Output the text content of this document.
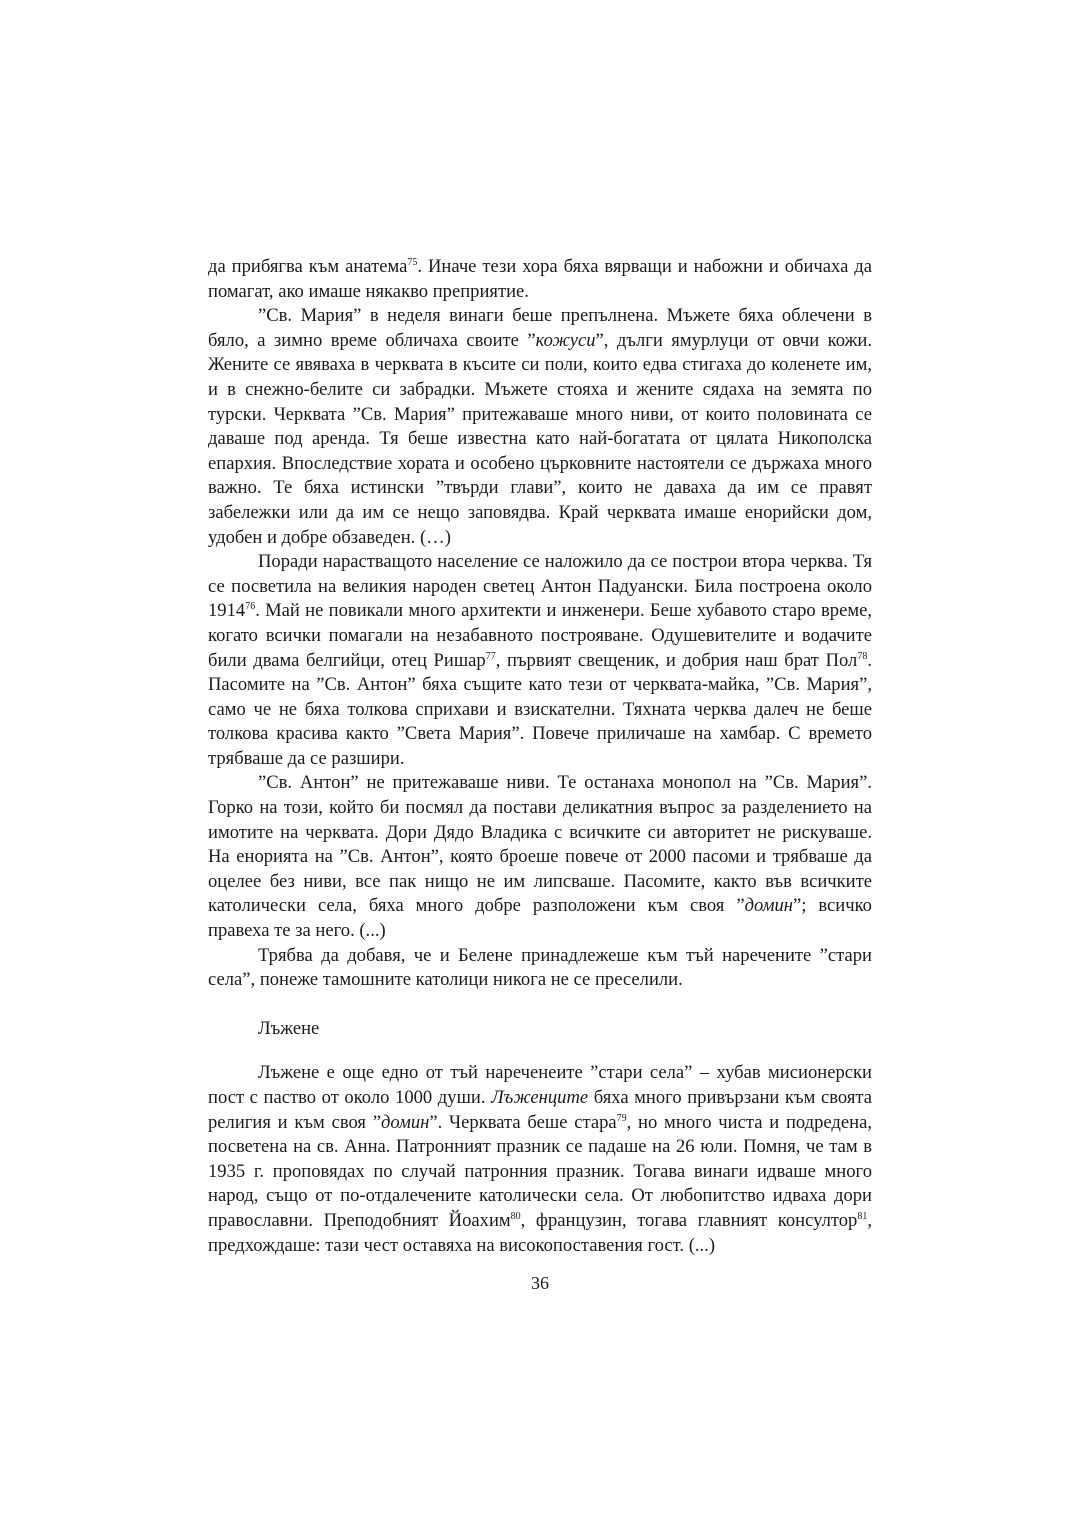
да прибягва към анатема$^{75}$. Иначе тези хора бяха вярващи и набожни и обичаха да помагат, ако имаше някакво преприятие.

”Св. Мария” в неделя винаги беше препълнена. Мъжете бяха облечени в бяло, а зимно време обличаха своите ”кожуси”, дълги ямурлуци от овчи кожи. Жените се явяваха в черквата в късите си поли, които едва стигаха до коленете им, и в снежно-белите си забрадки. Мъжете стояха и жените сядаха на земята по турски. Черквата ”Св. Мария” притежаваше много ниви, от които половината се даваше под аренда. Тя беше известна като най-богатата от цялата Никополска епархия. Впоследствие хората и особено църковните настоятели се държаха много важно. Те бяха истински ”твърди глави”, които не даваха да им се правят забележки или да им се нещо заповядва. Край черквата имаше енорийски дом, удобен и добре обзаведен. (…)

Поради нарастващото население се наложило да се построи втора черква. Тя се посветила на великия народен светец Антон Падуански. Била построена около 1914$^{76}$. Май не повикали много архитекти и инженери. Беше хубавото старо време, когато всички помагали на незабавното построяване. Одушевителите и водачите били двама белгийци, отец Ришар$^{77}$, първият свещеник, и добрия наш брат Пол$^{78}$. Пасомите на ”Св. Антон” бяха същите като тези от черквата-майка, ”Св. Мария”, само че не бяха толкова сприхави и взискателни. Тяхната черква далеч не беше толкова красива както ”Света Мария”. Повече приличаше на хамбар. С времето трябваше да се разшири.

”Св. Антон” не притежаваше ниви. Те останаха монопол на ”Св. Мария”. Горко на този, който би посмял да постави деликатния въпрос за разделението на имотите на черквата. Дори Дядо Владика с всичките си авторитет не рискуваше. На енорията на ”Св. Антон”, която броеше повече от 2000 пасоми и трябваше да оцелее без ниви, все пак нищо не им липсваше. Пасомите, както във всичките католически села, бяха много добре разположени към своя ”домин”; всичко правеха те за него. (...)

Трябва да добавя, че и Белене принадлежеше към тъй наречените ”стари села”, понеже тамошните католици никога не се преселили.

Лъжене

Лъжене е още едно от тъй нареченеите ”стари села” – хубав мисионерски пост с паство от около 1000 души. Лъженците бяха много привързани към своята религия и към своя ”домин”. Черквата беше стара$^{79}$, но много чиста и подредена, посветена на св. Анна. Патронният празник се падаше на 26 юли. Помня, че там в 1935 г. проповядах по случай патронния празник. Тогава винаги идваше много народ, също от по-отдалечените католически села. От любопитство идваха дори православни. Преподобният Йоахим$^{80}$, французин, тогава главният консултор$^{81}$, предхождаше: тази чест оставяха на високопоставения гост. (...)

36
